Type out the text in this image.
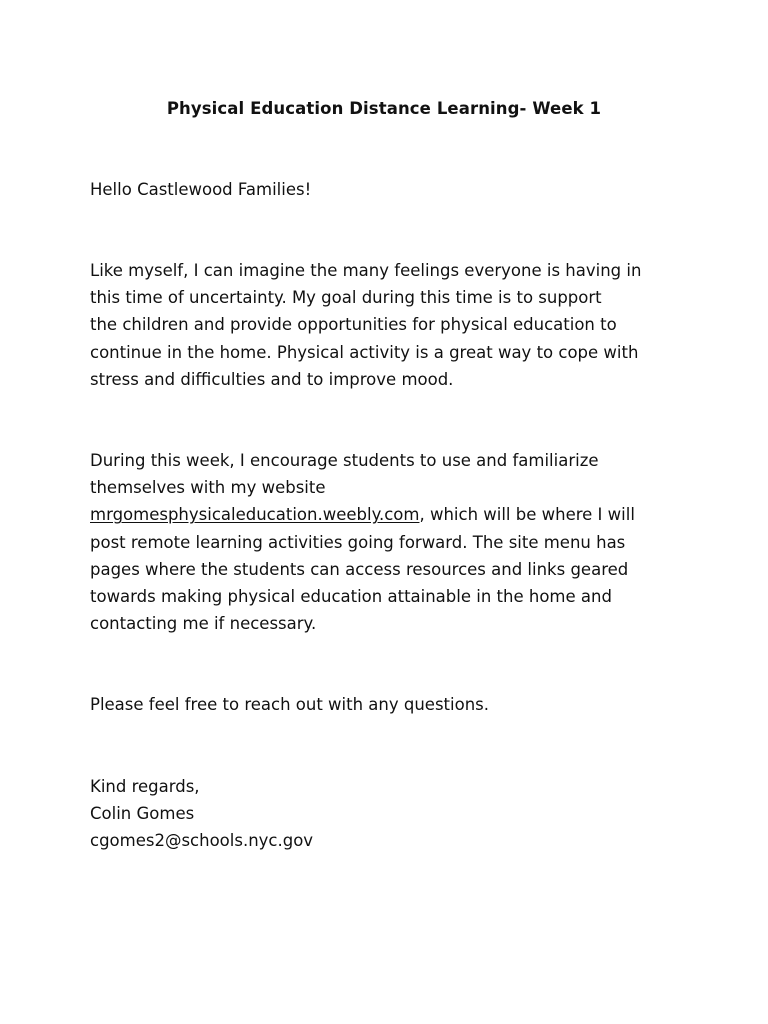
Physical Education Distance Learning- Week 1

Hello Castlewood Families!

Like myself, I can imagine the many feelings everyone is having in
this time of uncertainty. My goal during this time is to support
the children and provide opportunities for physical education to
continue in the home. Physical activity is a great way to cope with
stress and difficulties and to improve mood.

During this week, I encourage students to use and familiarize
themselves with my website
mrgomesphysicaleducation.weebly.com, which will be where I will
post remote learning activities going forward. The site menu has
pages where the students can access resources and links geared
towards making physical education attainable in the home and
contacting me if necessary.

Please feel free to reach out with any questions.

Kind regards,
Colin Gomes
cgomes2@schools.nyc.gov
